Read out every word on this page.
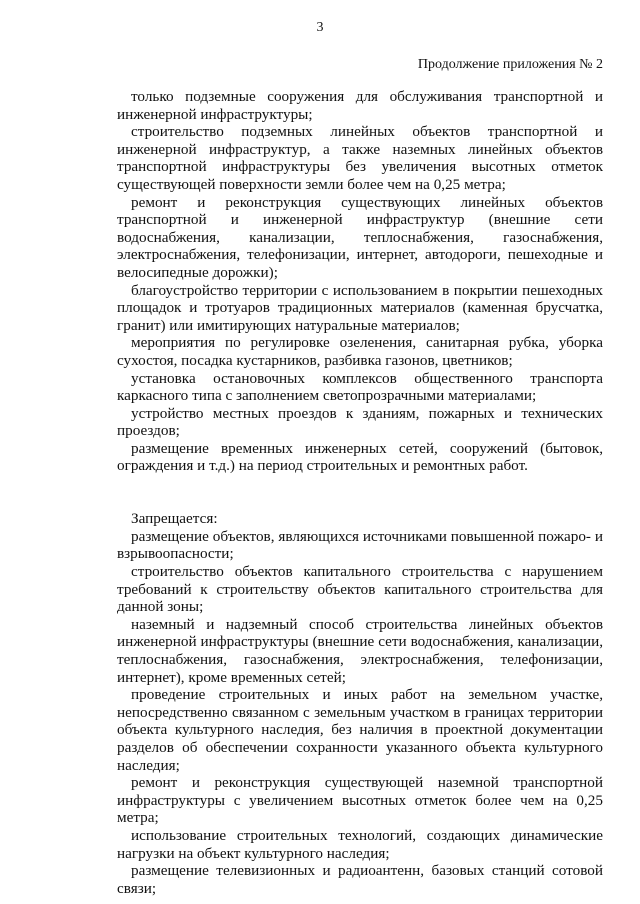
3
Продолжение приложения № 2

только подземные сооружения для обслуживания транспортной и инженерной инфраструктуры;

строительство подземных линейных объектов транспортной и инженерной инфраструктур, а также наземных линейных объектов транспортной инфраструктуры без увеличения высотных отметок существующей поверхности земли более чем на 0,25 метра;

ремонт и реконструкция существующих линейных объектов транспортной и инженерной инфраструктур (внешние сети водоснабжения, канализации, теплоснабжения, газоснабжения, электроснабжения, телефонизации, интернет, автодороги, пешеходные и велосипедные дорожки);

благоустройство территории с использованием в покрытии пешеходных площадок и тротуаров традиционных материалов (каменная брусчатка, гранит) или имитирующих натуральные материалов;

мероприятия по регулировке озеленения, санитарная рубка, уборка сухостоя, посадка кустарников, разбивка газонов, цветников;

установка остановочных комплексов общественного транспорта каркасного типа с заполнением светопрозрачными материалами;

устройство местных проездов к зданиям, пожарных и технических проездов;

размещение временных инженерных сетей, сооружений (бытовок, ограждения и т.д.) на период строительных и ремонтных работ.

Запрещается:

размещение объектов, являющихся источниками повышенной пожаро- и взрывоопасности;

строительство объектов капитального строительства с нарушением требований к строительству объектов капитального строительства для данной зоны;

наземный и надземный способ строительства линейных объектов инженерной инфраструктуры (внешние сети водоснабжения, канализации, теплоснабжения, газоснабжения, электроснабжения, телефонизации, интернет), кроме временных сетей;

проведение строительных и иных работ на земельном участке, непосредственно связанном с земельным участком в границах территории объекта культурного наследия, без наличия в проектной документации разделов об обеспечении сохранности указанного объекта культурного наследия;

ремонт и реконструкция существующей наземной транспортной инфраструктуры с увеличением высотных отметок более чем на 0,25 метра;

использование строительных технологий, создающих динамические нагрузки на объект культурного наследия;

размещение телевизионных и радиоантенн, базовых станций сотовой связи;
